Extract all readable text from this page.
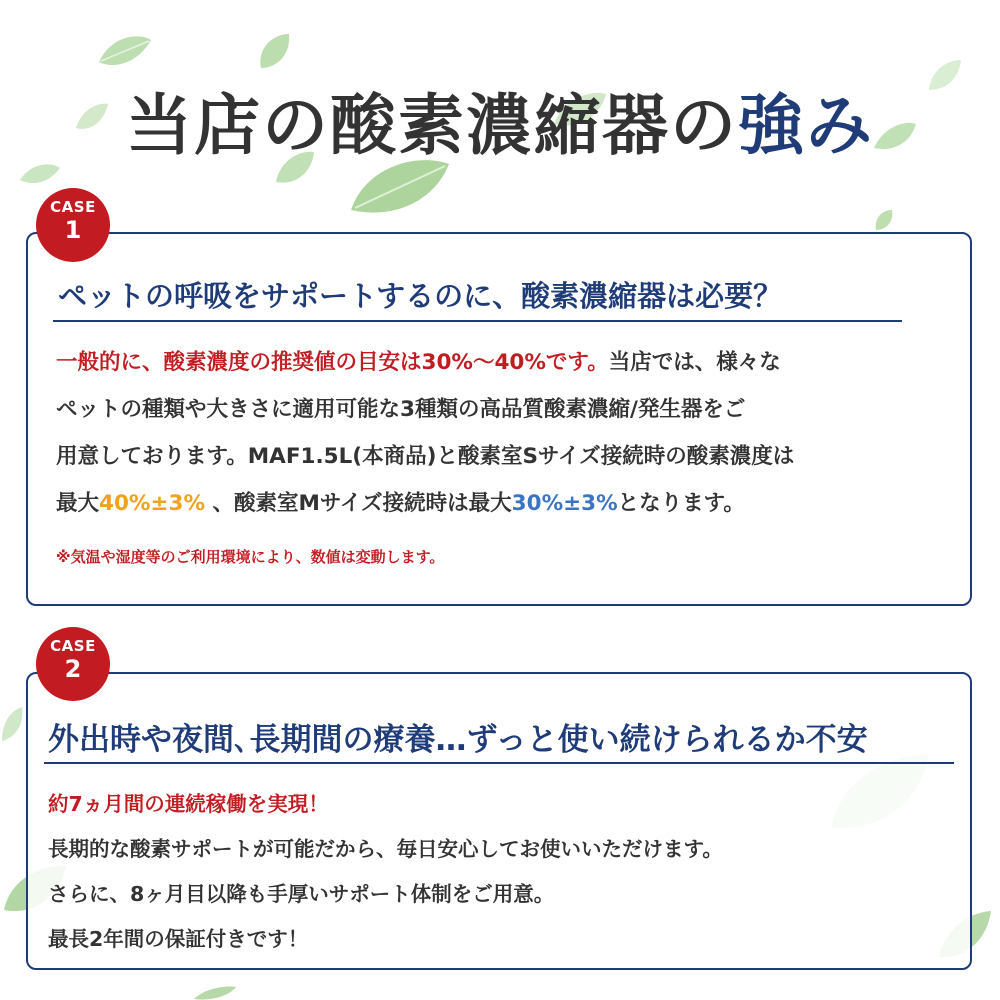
当店の酸素濃縮器の強み
ペットの呼吸をサポートするのに、酸素濃縮器は必要？
一般的に、酸素濃度の推奨値の目安は30%〜40%です。当店では、様々な
ペットの種類や大きさに適用可能な3種類の高品質酸素濃縮/発生器をご
用意しております。MAF1.5L(本商品)と酸素室Sサイズ接続時の酸素濃度は
最大40%±3% 、酸素室Mサイズ接続時は最大30%±3%となります。
※気温や湿度等のご利用環境により、数値は変動します。
CASE
1
外出時や夜間､長期間の療養…ずっと使い続けられるか不安
約7ヵ月間の連続稼働を実現！
長期的な酸素サポートが可能だから、毎日安心してお使いいただけます。
さらに、8ヶ月目以降も手厚いサポート体制をご用意。
最長2年間の保証付きです！
CASE
2
